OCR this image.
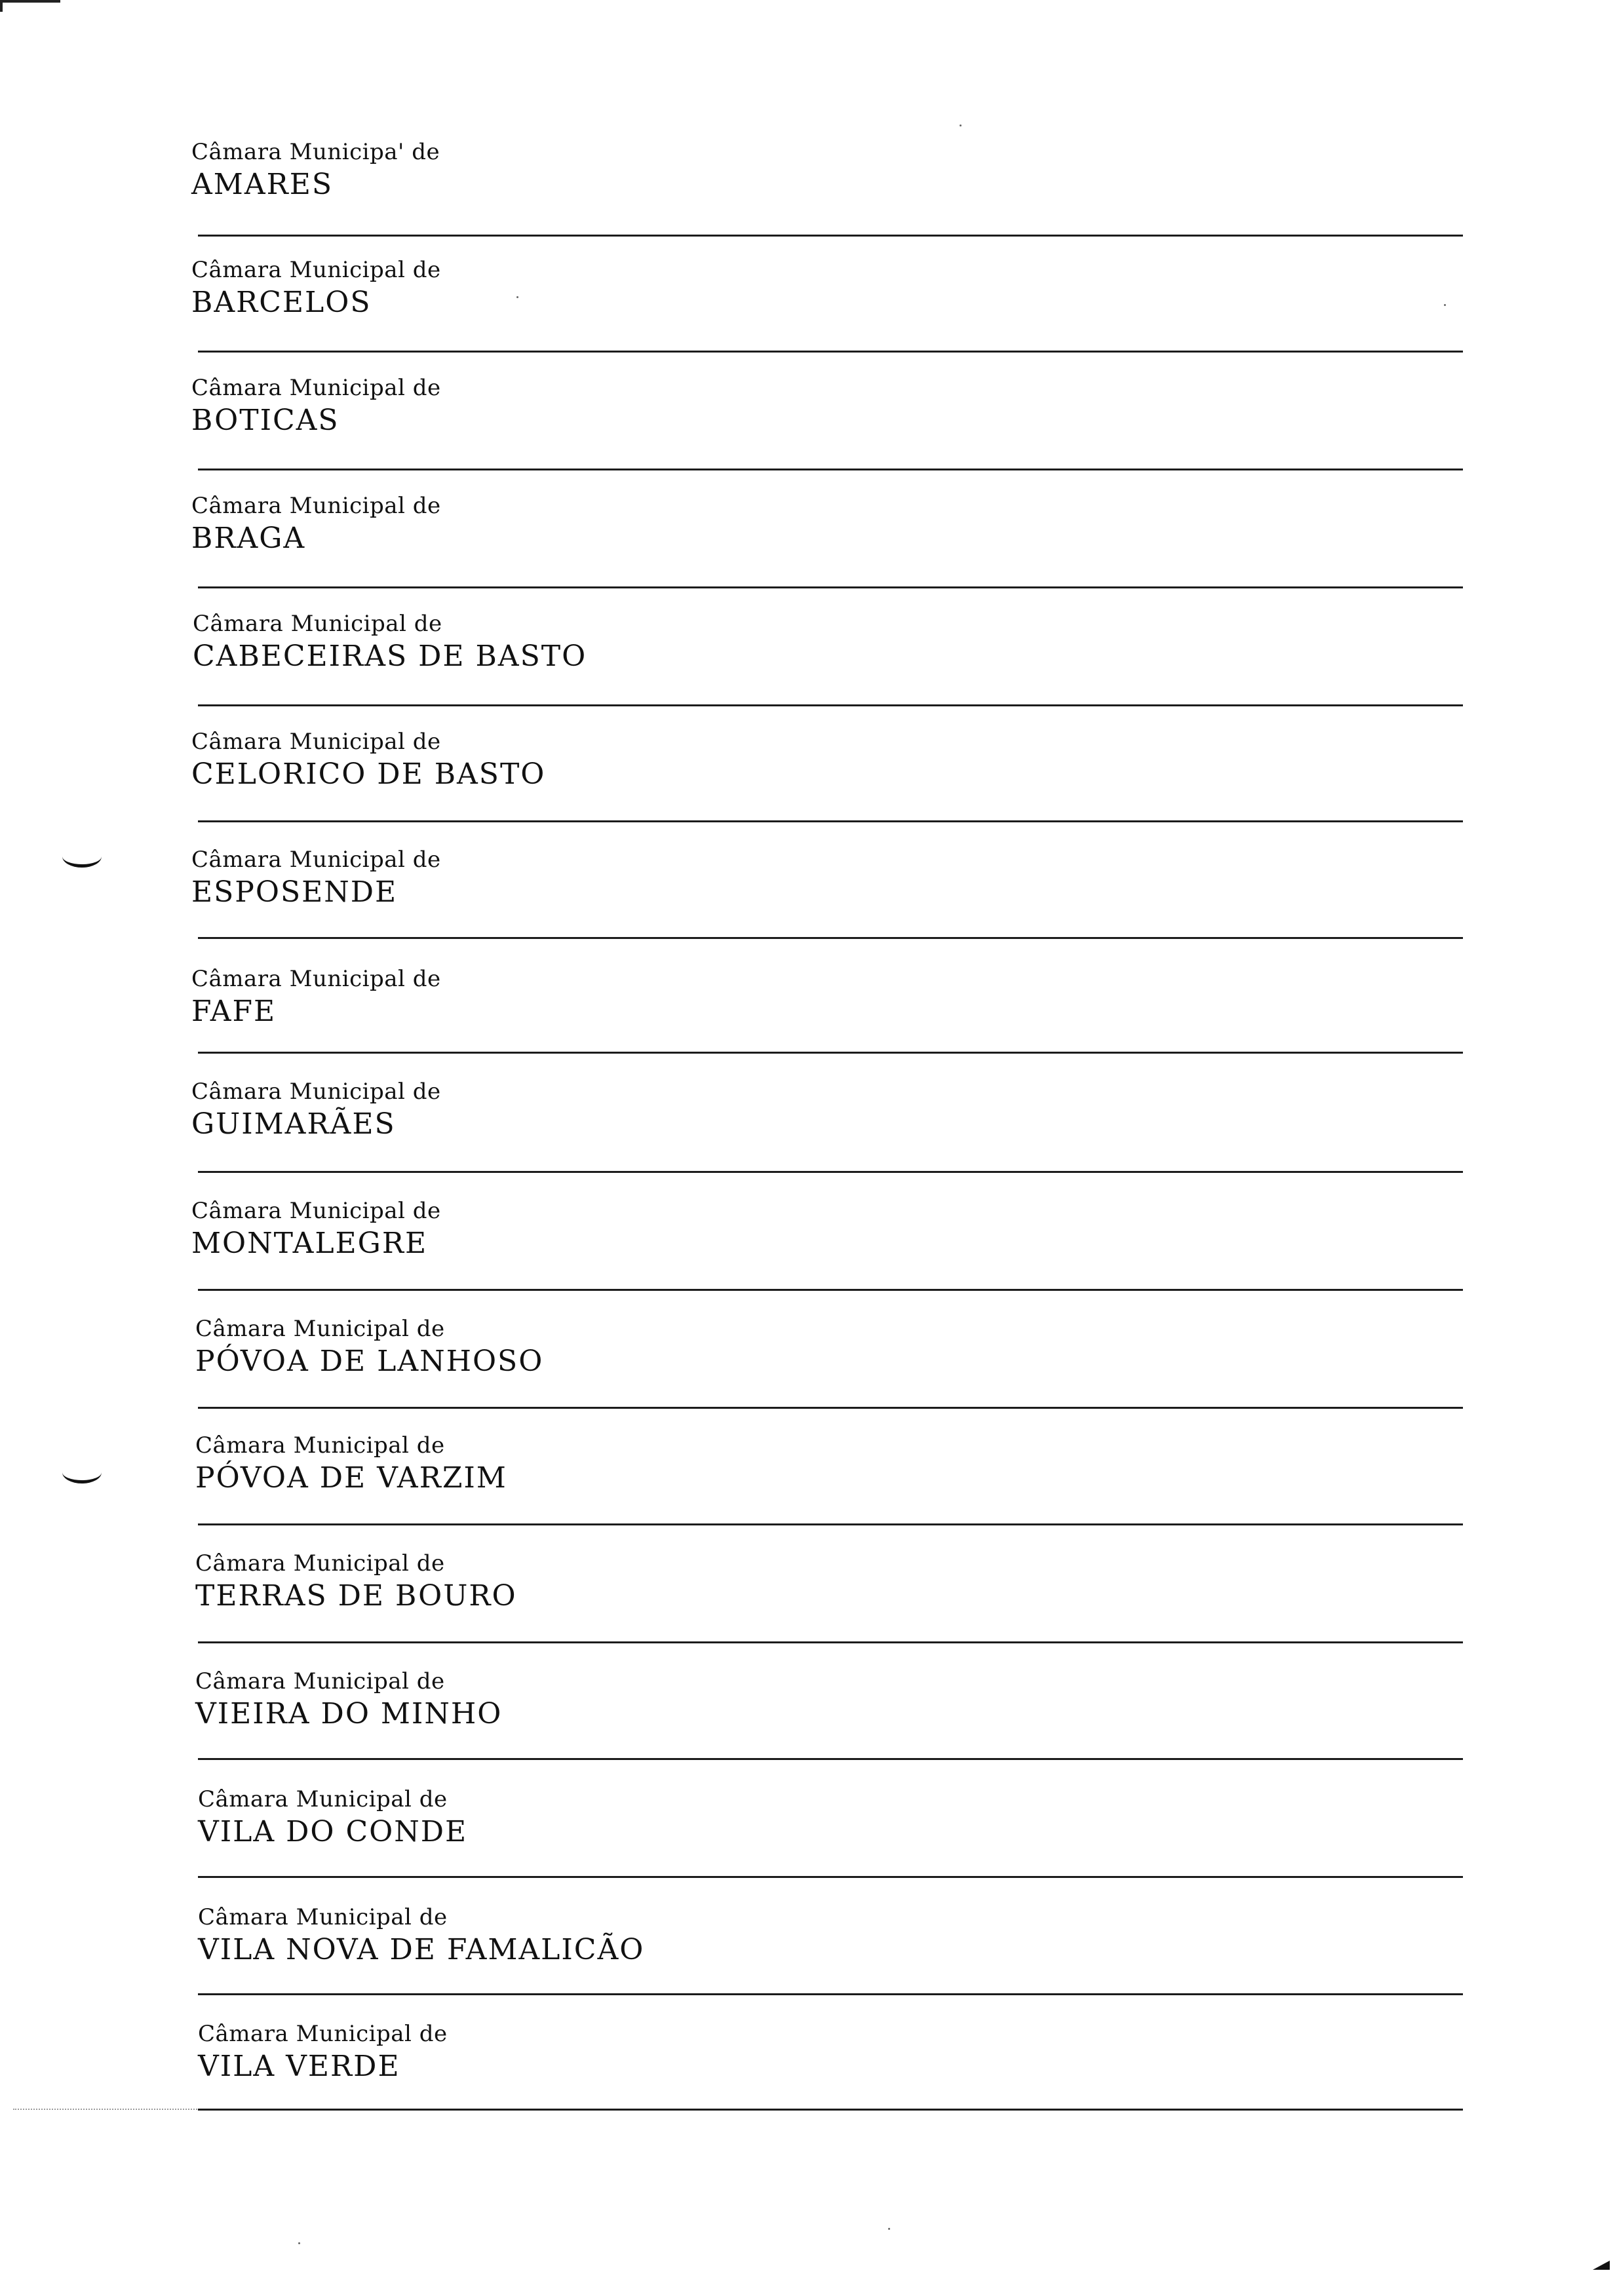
Câmara Municipa' de
AMARES
Câmara Municipal de
BARCELOS
Câmara Municipal de
BOTICAS
Câmara Municipal de
BRAGA
Câmara Municipal de
CABECEIRAS DE BASTO
Câmara Municipal de
CELORICO DE BASTO
Câmara Municipal de
ESPOSENDE
Câmara Municipal de
FAFE
Câmara Municipal de
GUIMARÃES
Câmara Municipal de
MONTALEGRE
Câmara Municipal de
PÓVOA DE LANHOSO
Câmara Municipal de
PÓVOA DE VARZIM
Câmara Municipal de
TERRAS DE BOURO
Câmara Municipal de
VIEIRA DO MINHO
Câmara Municipal de
VILA DO CONDE
Câmara Municipal de
VILA NOVA DE FAMALICÃO
Câmara Municipal de
VILA VERDE
